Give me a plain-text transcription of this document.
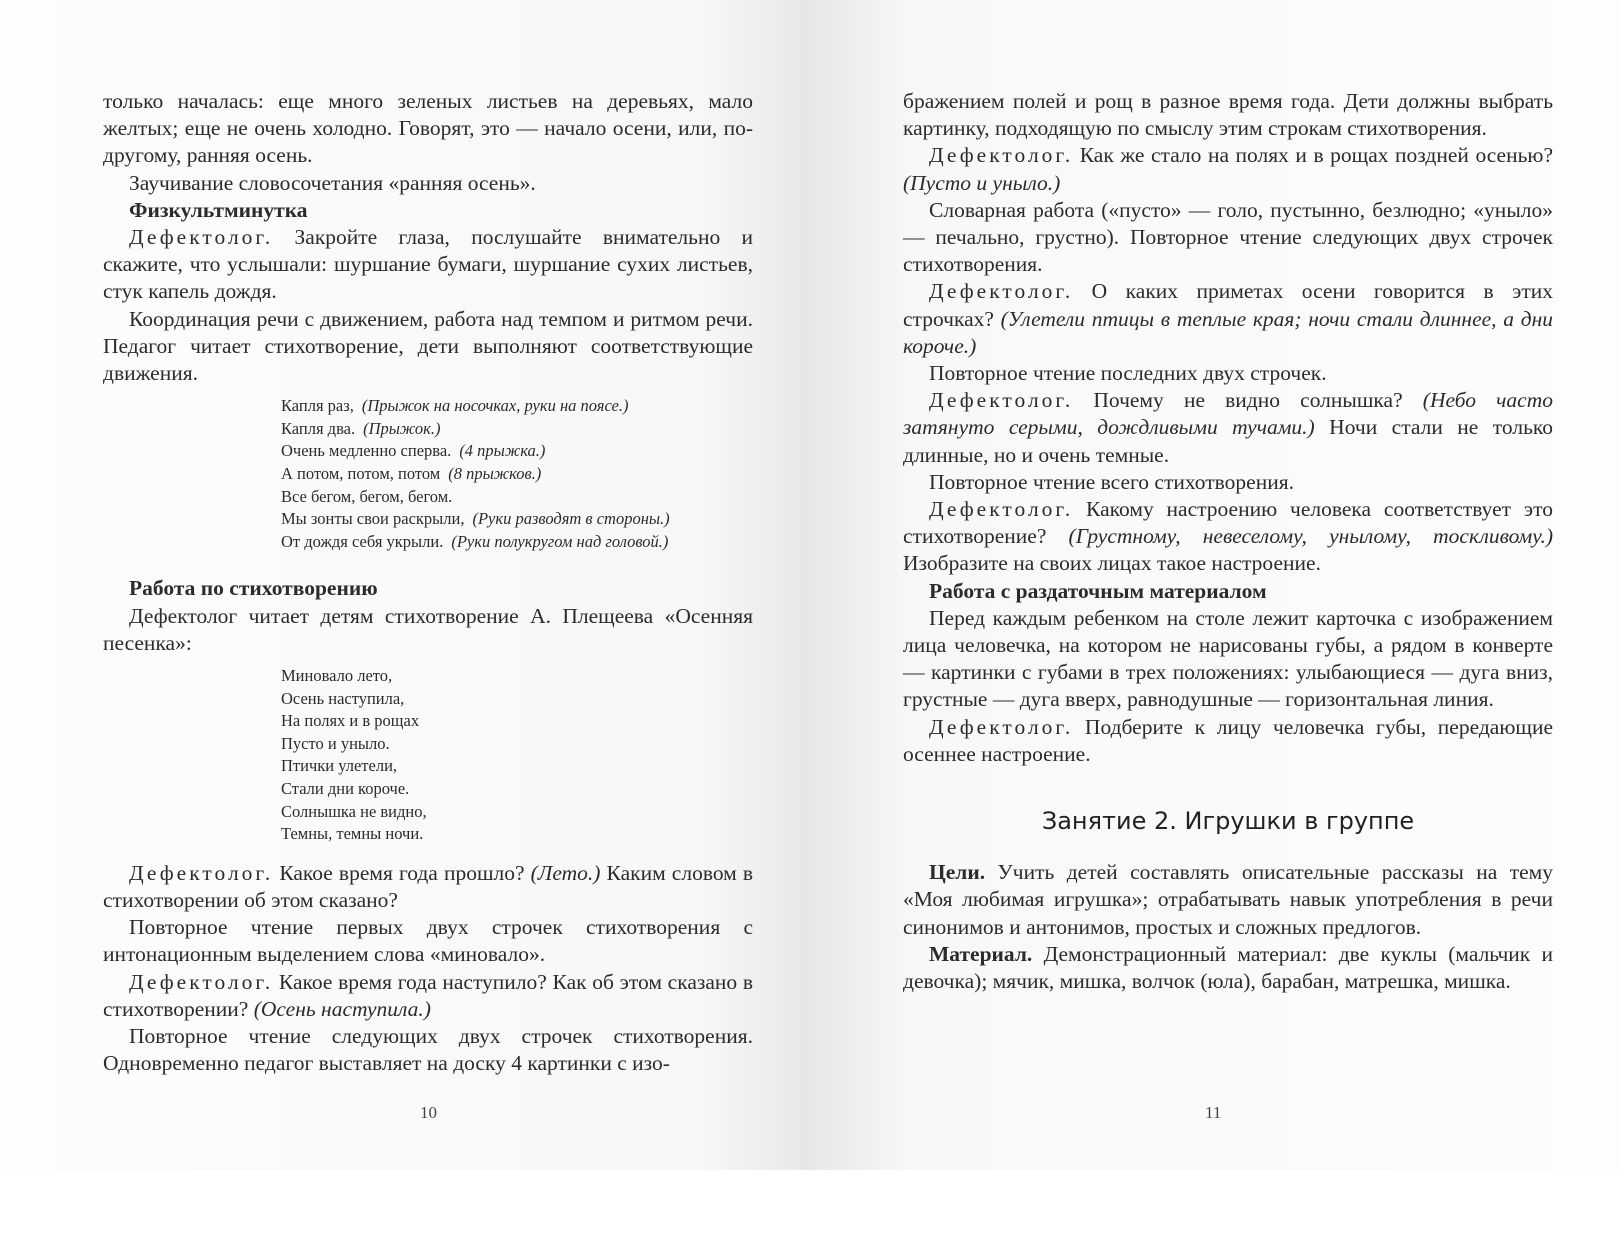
только началась: еще много зеленых листьев на деревьях, мало желтых; еще не очень холодно. Говорят, это — начало осени, или, по-другому, ранняя осень.

Заучивание словосочетания «ранняя осень».

Физкультминутка

Дефектолог. Закройте глаза, послушайте внимательно и скажите, что услышали: шуршание бумаги, шуршание сухих листьев, стук капель дождя.

Координация речи с движением, работа над темпом и ритмом речи. Педагог читает стихотворение, дети выполняют соответствующие движения.

Капля раз, (Прыжок на носочках, руки на поясе.)
Капля два. (Прыжок.)
Очень медленно сперва. (4 прыжка.)
А потом, потом, потом (8 прыжков.)
Все бегом, бегом, бегом.
Мы зонты свои раскрыли, (Руки разводят в стороны.)
От дождя себя укрыли. (Руки полукругом над головой.)

Работа по стихотворению

Дефектолог читает детям стихотворение А. Плещеева «Осенняя песенка»:

Миновало лето,
Осень наступила,
На полях и в рощах
Пусто и уныло.
Птички улетели,
Стали дни короче.
Солнышка не видно,
Темны, темны ночи.

Дефектолог. Какое время года прошло? (Лето.) Каким словом в стихотворении об этом сказано?

Повторное чтение первых двух строчек стихотворения с интонационным выделением слова «миновало».

Дефектолог. Какое время года наступило? Как об этом сказано в стихотворении? (Осень наступила.)

Повторное чтение следующих двух строчек стихотворения. Одновременно педагог выставляет на доску 4 картинки с изо-

10

бражением полей и рощ в разное время года. Дети должны выбрать картинку, подходящую по смыслу этим строкам стихотворения.

Дефектолог. Как же стало на полях и в рощах поздней осенью? (Пусто и уныло.)

Словарная работа («пусто» — голо, пустынно, безлюдно; «уныло» — печально, грустно). Повторное чтение следующих двух строчек стихотворения.

Дефектолог. О каких приметах осени говорится в этих строчках? (Улетели птицы в теплые края; ночи стали длиннее, а дни короче.)

Повторное чтение последних двух строчек.

Дефектолог. Почему не видно солнышка? (Небо часто затянуто серыми, дождливыми тучами.) Ночи стали не только длинные, но и очень темные.

Повторное чтение всего стихотворения.

Дефектолог. Какому настроению человека соответствует это стихотворение? (Грустному, невеселому, унылому, тоскливому.) Изобразите на своих лицах такое настроение.

Работа с раздаточным материалом

Перед каждым ребенком на столе лежит карточка с изображением лица человечка, на котором не нарисованы губы, а рядом в конверте — картинки с губами в трех положениях: улыбающиеся — дуга вниз, грустные — дуга вверх, равнодушные — горизонтальная линия.

Дефектолог. Подберите к лицу человечка губы, передающие осеннее настроение.

Занятие 2. Игрушки в группе

Цели. Учить детей составлять описательные рассказы на тему «Моя любимая игрушка»; отрабатывать навык употребления в речи синонимов и антонимов, простых и сложных предлогов.

Материал. Демонстрационный материал: две куклы (мальчик и девочка); мячик, мишка, волчок (юла), барабан, матрешка, мишка.

11
